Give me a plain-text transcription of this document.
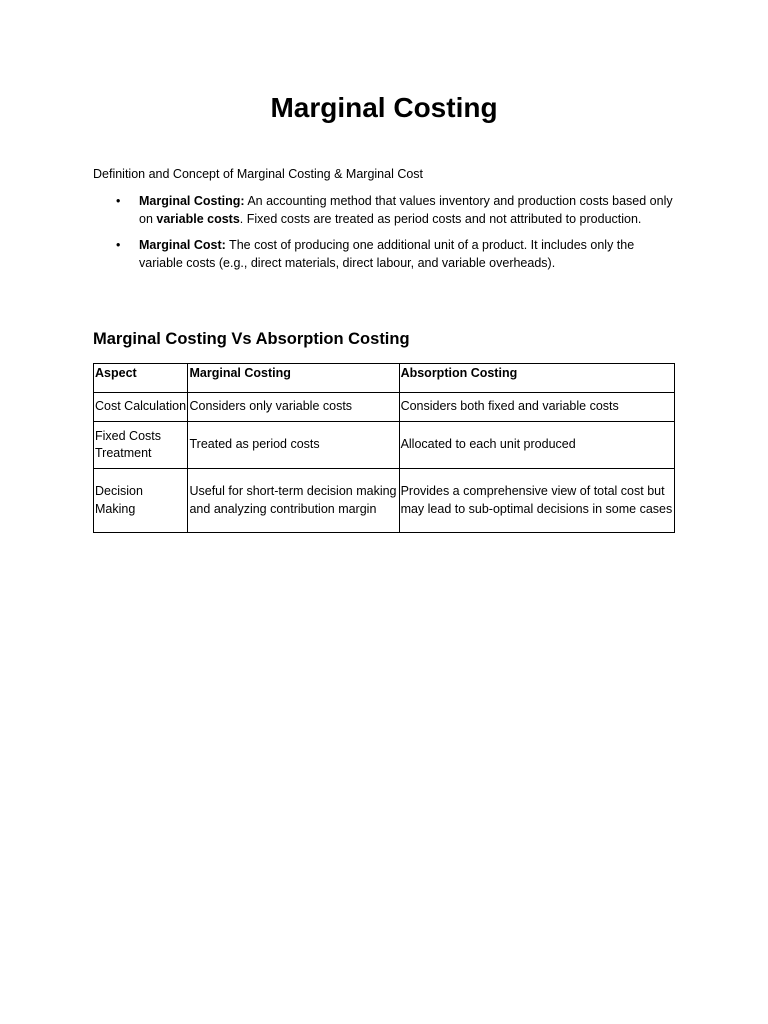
Marginal Costing

Definition and Concept of Marginal Costing & Marginal Cost

• Marginal Costing: An accounting method that values inventory and production costs based only on variable costs. Fixed costs are treated as period costs and not attributed to production.
• Marginal Cost: The cost of producing one additional unit of a product. It includes only the variable costs (e.g., direct materials, direct labour, and variable overheads).
Marginal Costing Vs Absorption Costing
Aspect	Marginal Costing	Absorption Costing
Cost Calculation	Considers only variable costs	Considers both fixed and variable costs
Fixed Costs Treatment	Treated as period costs	Allocated to each unit produced
Decision Making	Useful for short-term decision making and analyzing contribution margin	Provides a comprehensive view of total cost but may lead to sub-optimal decisions in some cases
